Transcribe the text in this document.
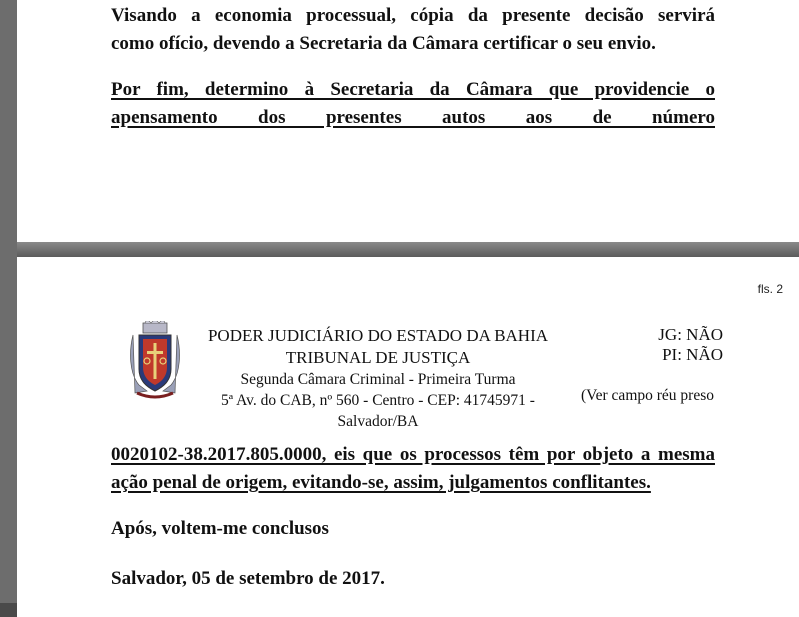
Visando a economia processual, cópia da presente decisão servirá
como ofício, devendo a Secretaria da Câmara certificar o seu envio.
Por fim, determino à Secretaria da Câmara que providencie o
apensamento dos presentes autos aos de número
fls. 2
PODER JUDICIÁRIO DO ESTADO DA BAHIA
TRIBUNAL DE JUSTIÇA
Segunda Câmara Criminal - Primeira Turma
5ª Av. do CAB, nº 560 - Centro - CEP: 41745971 -
Salvador/BA
JG: NÃO
PI: NÃO
(Ver campo réu preso
0020102-38.2017.805.0000, eis que os processos têm por objeto a mesma
ação penal de origem, evitando-se, assim, julgamentos conflitantes.
Após, voltem-me conclusos
Salvador, 05 de setembro de 2017.
